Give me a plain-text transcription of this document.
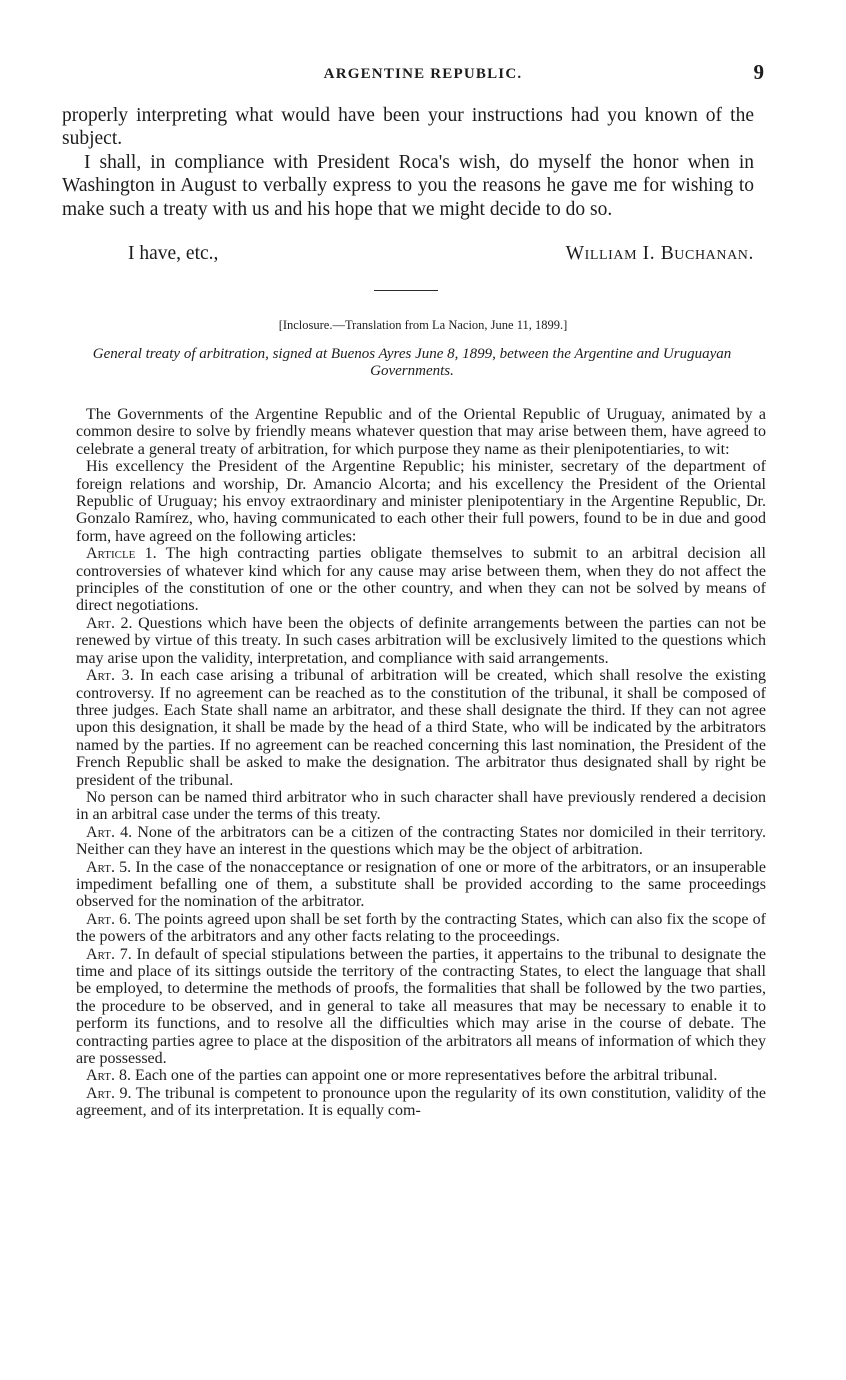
ARGENTINE REPUBLIC.	9

properly interpreting what would have been your instructions had you known of the subject.

I shall, in compliance with President Roca's wish, do myself the honor when in Washington in August to verbally express to you the reasons he gave me for wishing to make such a treaty with us and his hope that we might decide to do so.

I have, etc.,	William I. Buchanan.
[Inclosure.—Translation from La Nacion, June 11, 1899.]
General treaty of arbitration, signed at Buenos Ayres June 8, 1899, between the Argentine and Uruguayan Governments.

The Governments of the Argentine Republic and of the Oriental Republic of Uruguay, animated by a common desire to solve by friendly means whatever question that may arise between them, have agreed to celebrate a general treaty of arbitration, for which purpose they name as their plenipotentiaries, to wit:

His excellency the President of the Argentine Republic; his minister, secretary of the department of foreign relations and worship, Dr. Amancio Alcorta; and his excellency the President of the Oriental Republic of Uruguay; his envoy extraordinary and minister plenipotentiary in the Argentine Republic, Dr. Gonzalo Ramírez, who, having communicated to each other their full powers, found to be in due and good form, have agreed on the following articles:

Article 1. The high contracting parties obligate themselves to submit to an arbitral decision all controversies of whatever kind which for any cause may arise between them, when they do not affect the principles of the constitution of one or the other country, and when they can not be solved by means of direct negotiations.

Art. 2. Questions which have been the objects of definite arrangements between the parties can not be renewed by virtue of this treaty. In such cases arbitration will be exclusively limited to the questions which may arise upon the validity, interpretation, and compliance with said arrangements.

Art. 3. In each case arising a tribunal of arbitration will be created, which shall resolve the existing controversy. If no agreement can be reached as to the constitution of the tribunal, it shall be composed of three judges. Each State shall name an arbitrator, and these shall designate the third. If they can not agree upon this designation, it shall be made by the head of a third State, who will be indicated by the arbitrators named by the parties. If no agreement can be reached concerning this last nomination, the President of the French Republic shall be asked to make the designation. The arbitrator thus designated shall by right be president of the tribunal.

No person can be named third arbitrator who in such character shall have previously rendered a decision in an arbitral case under the terms of this treaty.

Art. 4. None of the arbitrators can be a citizen of the contracting States nor domiciled in their territory. Neither can they have an interest in the questions which may be the object of arbitration.

Art. 5. In the case of the nonacceptance or resignation of one or more of the arbitrators, or an insuperable impediment befalling one of them, a substitute shall be provided according to the same proceedings observed for the nomination of the arbitrator.

Art. 6. The points agreed upon shall be set forth by the contracting States, which can also fix the scope of the powers of the arbitrators and any other facts relating to the proceedings.

Art. 7. In default of special stipulations between the parties, it appertains to the tribunal to designate the time and place of its sittings outside the territory of the contracting States, to elect the language that shall be employed, to determine the methods of proofs, the formalities that shall be followed by the two parties, the procedure to be observed, and in general to take all measures that may be necessary to enable it to perform its functions, and to resolve all the difficulties which may arise in the course of debate. The contracting parties agree to place at the disposition of the arbitrators all means of information of which they are possessed.

Art. 8. Each one of the parties can appoint one or more representatives before the arbitral tribunal.

Art. 9. The tribunal is competent to pronounce upon the regularity of its own constitution, validity of the agreement, and of its interpretation. It is equally com-
